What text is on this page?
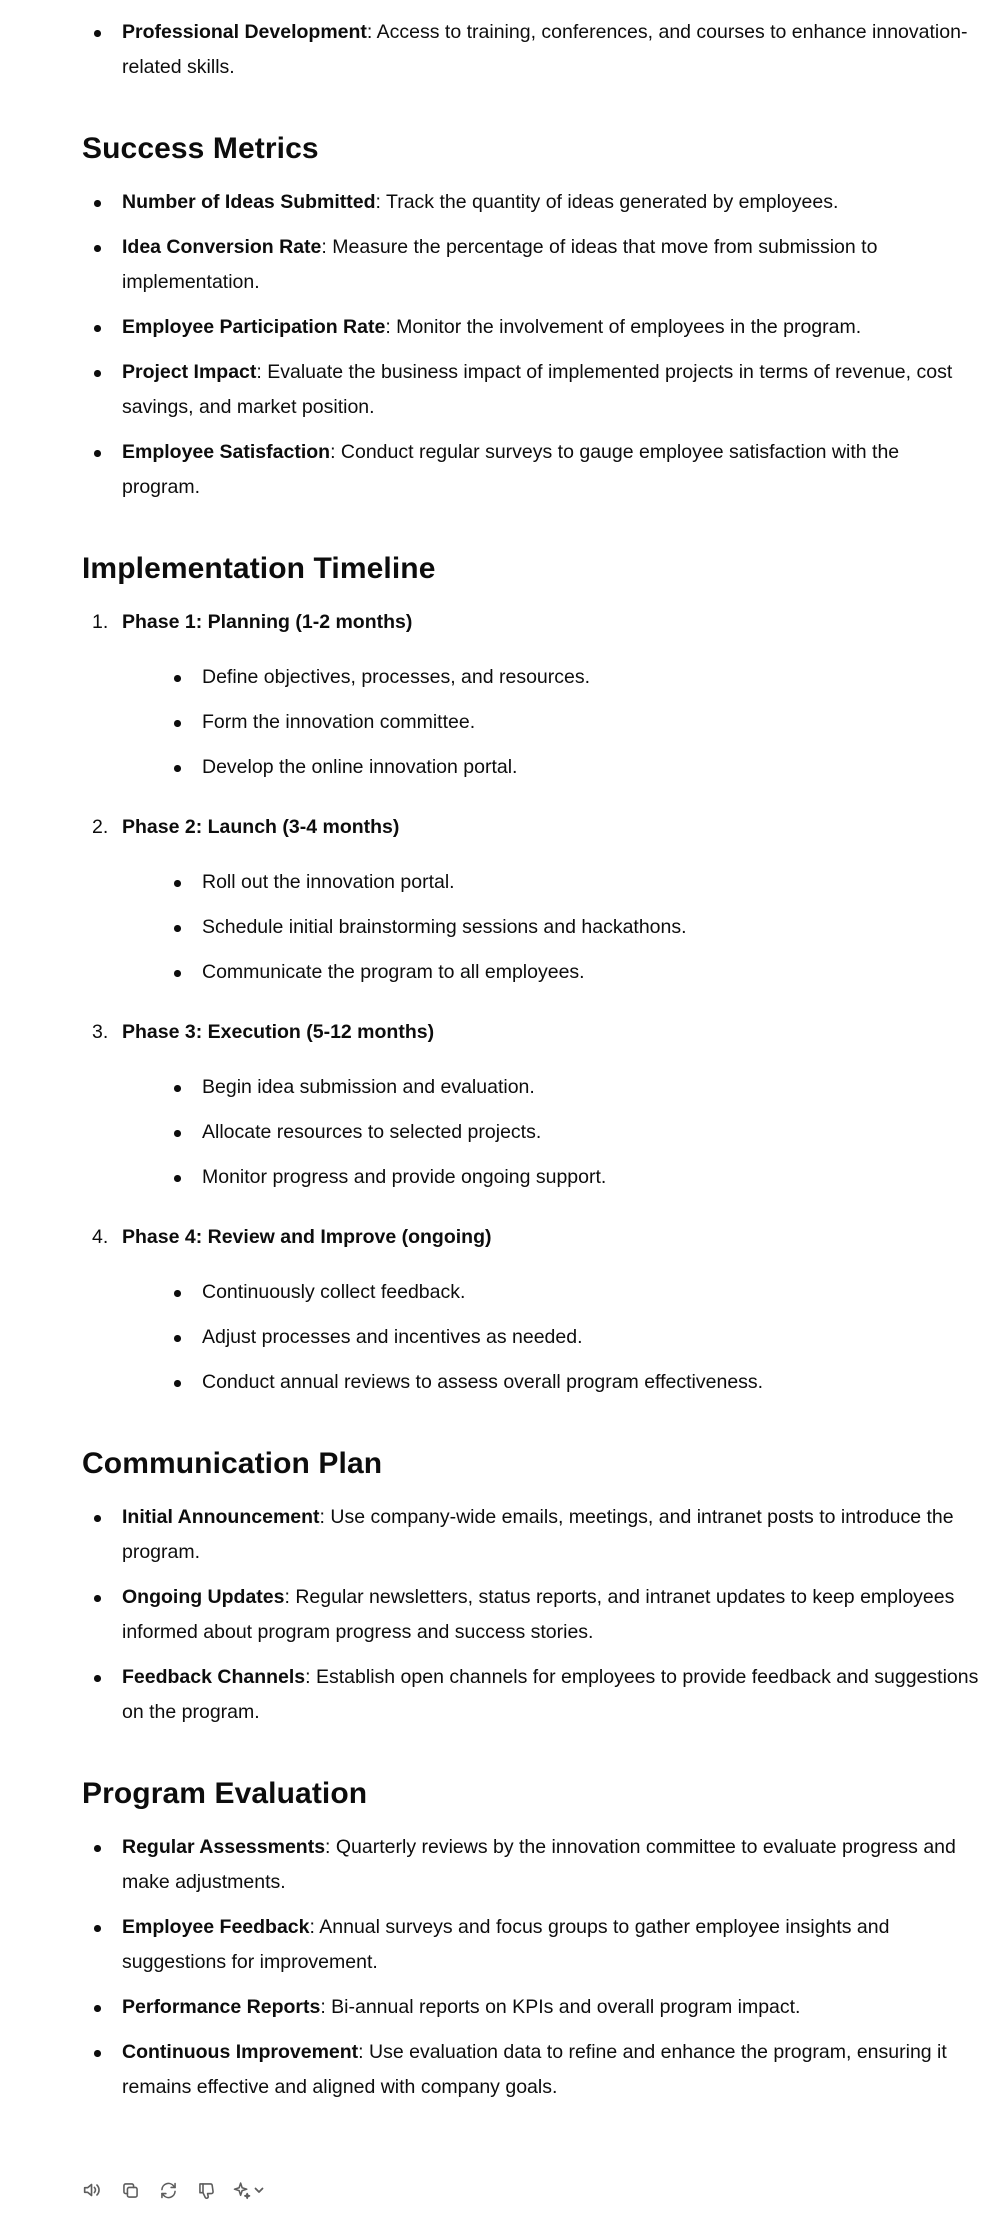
Professional Development: Access to training, conferences, and courses to enhance innovation-related skills.
Success Metrics
Number of Ideas Submitted: Track the quantity of ideas generated by employees.
Idea Conversion Rate: Measure the percentage of ideas that move from submission to implementation.
Employee Participation Rate: Monitor the involvement of employees in the program.
Project Impact: Evaluate the business impact of implemented projects in terms of revenue, cost savings, and market position.
Employee Satisfaction: Conduct regular surveys to gauge employee satisfaction with the program.
Implementation Timeline
1. Phase 1: Planning (1-2 months)
Define objectives, processes, and resources.
Form the innovation committee.
Develop the online innovation portal.
2. Phase 2: Launch (3-4 months)
Roll out the innovation portal.
Schedule initial brainstorming sessions and hackathons.
Communicate the program to all employees.
3. Phase 3: Execution (5-12 months)
Begin idea submission and evaluation.
Allocate resources to selected projects.
Monitor progress and provide ongoing support.
4. Phase 4: Review and Improve (ongoing)
Continuously collect feedback.
Adjust processes and incentives as needed.
Conduct annual reviews to assess overall program effectiveness.
Communication Plan
Initial Announcement: Use company-wide emails, meetings, and intranet posts to introduce the program.
Ongoing Updates: Regular newsletters, status reports, and intranet updates to keep employees informed about program progress and success stories.
Feedback Channels: Establish open channels for employees to provide feedback and suggestions on the program.
Program Evaluation
Regular Assessments: Quarterly reviews by the innovation committee to evaluate progress and make adjustments.
Employee Feedback: Annual surveys and focus groups to gather employee insights and suggestions for improvement.
Performance Reports: Bi-annual reports on KPIs and overall program impact.
Continuous Improvement: Use evaluation data to refine and enhance the program, ensuring it remains effective and aligned with company goals.
